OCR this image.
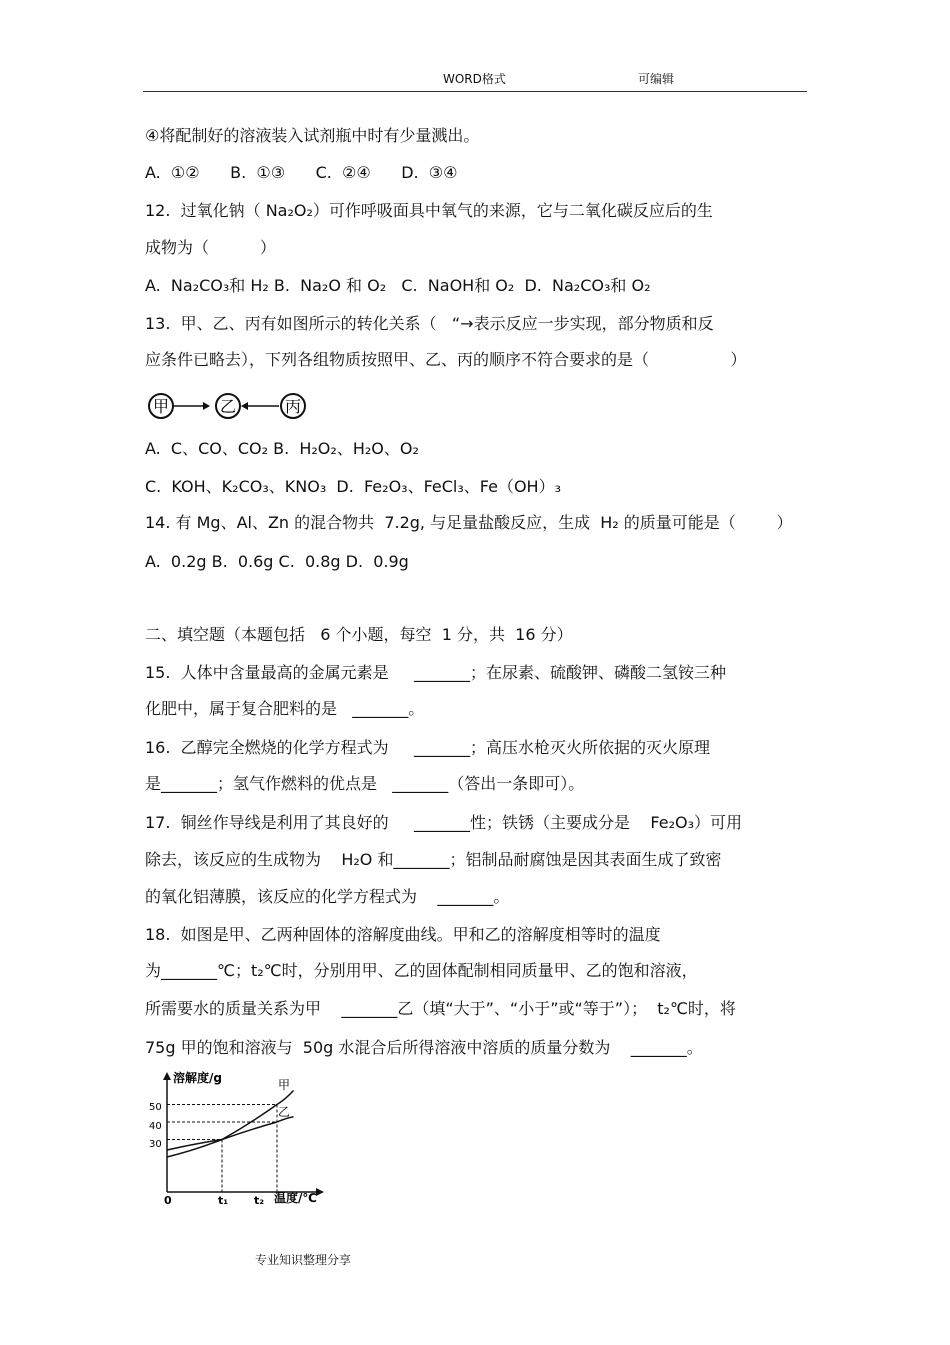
WORD格式	可编辑
④将配制好的溶液装入试剂瓶中时有少量溅出。
A.  ①②      B.  ①③      C.  ②④      D.  ③④
12.  过氧化钠（ Na₂O₂）可作呼吸面具中氧气的来源，它与二氧化碳反应后的生
成物为（          ）
A.  Na₂CO₃和 H₂ B.  Na₂O 和 O₂   C.  NaOH和 O₂  D.  Na₂CO₃和 O₂
13.  甲、乙、丙有如图所示的转化关系（   “→表示反应一步实现，部分物质和反
应条件已略去），下列各组物质按照甲、乙、丙的顺序不符合要求的是（                ）
甲	乙	丙
A.  C、CO、CO₂ B.  H₂O₂、H₂O、O₂
C.  KOH、K₂CO₃、KNO₃  D.  Fe₂O₃、FeCl₃、Fe（OH）₃
14. 有 Mg、Al、Zn 的混合物共  7.2g, 与足量盐酸反应，生成  H₂ 的质量可能是（        ）
A.  0.2g B.  0.6g C.  0.8g D.  0.9g
二、填空题（本题包括   6 个小题，每空  1 分，共  16 分）
15.  人体中含量最高的金属元素是     _______；在尿素、硫酸钾、磷酸二氢铵三种
化肥中，属于复合肥料的是   _______。
16.  乙醇完全燃烧的化学方程式为     _______；高压水枪灭火所依据的灭火原理
是_______；氢气作燃料的优点是   _______（答出一条即可）。
17.  铜丝作导线是利用了其良好的     _______性；铁锈（主要成分是    Fe₂O₃）可用
除去，该反应的生成物为    H₂O 和_______；铝制品耐腐蚀是因其表面生成了致密
的氧化铝薄膜，该反应的化学方程式为    _______。
18.  如图是甲、乙两种固体的溶解度曲线。甲和乙的溶解度相等时的温度
为_______℃；t₂℃时，分别用甲、乙的固体配制相同质量甲、乙的饱和溶液，
所需要水的质量关系为甲    _______乙（填“大于”、“小于”或“等于”）；  t₂℃时，将
75g 甲的饱和溶液与  50g 水混合后所得溶液中溶质的质量分数为    _______。
溶解度/g
温度/℃
50
40
30
0	t₁ t₂
甲
乙
专业知识整理分享
